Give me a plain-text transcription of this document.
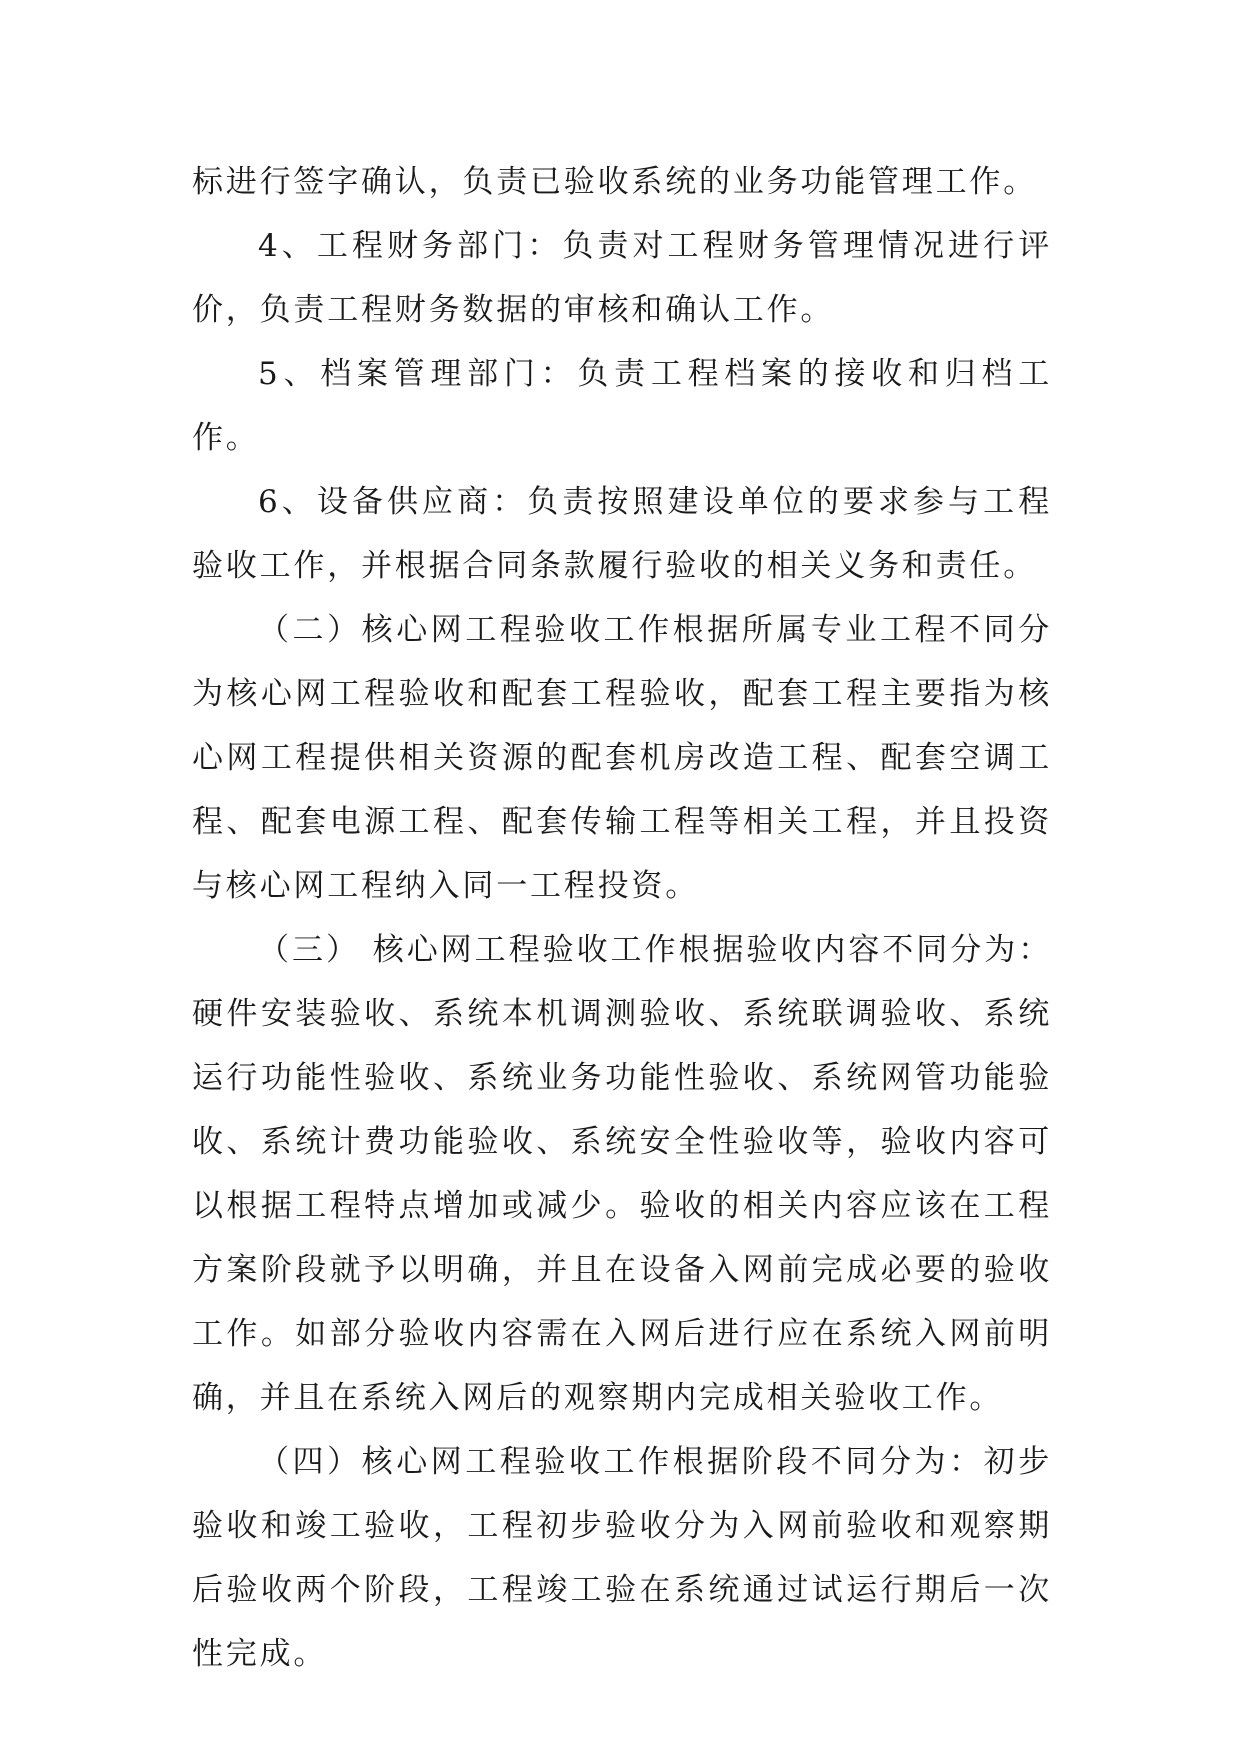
标进行签字确认，负责已验收系统的业务功能管理工作。

4、工程财务部门：负责对工程财务管理情况进行评价，负责工程财务数据的审核和确认工作。

5、档案管理部门：负责工程档案的接收和归档工作。

6、设备供应商：负责按照建设单位的要求参与工程验收工作，并根据合同条款履行验收的相关义务和责任。

（二）核心网工程验收工作根据所属专业工程不同分为核心网工程验收和配套工程验收，配套工程主要指为核心网工程提供相关资源的配套机房改造工程、配套空调工程、配套电源工程、配套传输工程等相关工程，并且投资与核心网工程纳入同一工程投资。

（三） 核心网工程验收工作根据验收内容不同分为：硬件安装验收、系统本机调测验收、系统联调验收、系统运行功能性验收、系统业务功能性验收、系统网管功能验收、系统计费功能验收、系统安全性验收等，验收内容可以根据工程特点增加或减少。验收的相关内容应该在工程方案阶段就予以明确，并且在设备入网前完成必要的验收工作。如部分验收内容需在入网后进行应在系统入网前明确，并且在系统入网后的观察期内完成相关验收工作。

（四）核心网工程验收工作根据阶段不同分为：初步验收和竣工验收，工程初步验收分为入网前验收和观察期后验收两个阶段，工程竣工验在系统通过试运行期后一次性完成。
